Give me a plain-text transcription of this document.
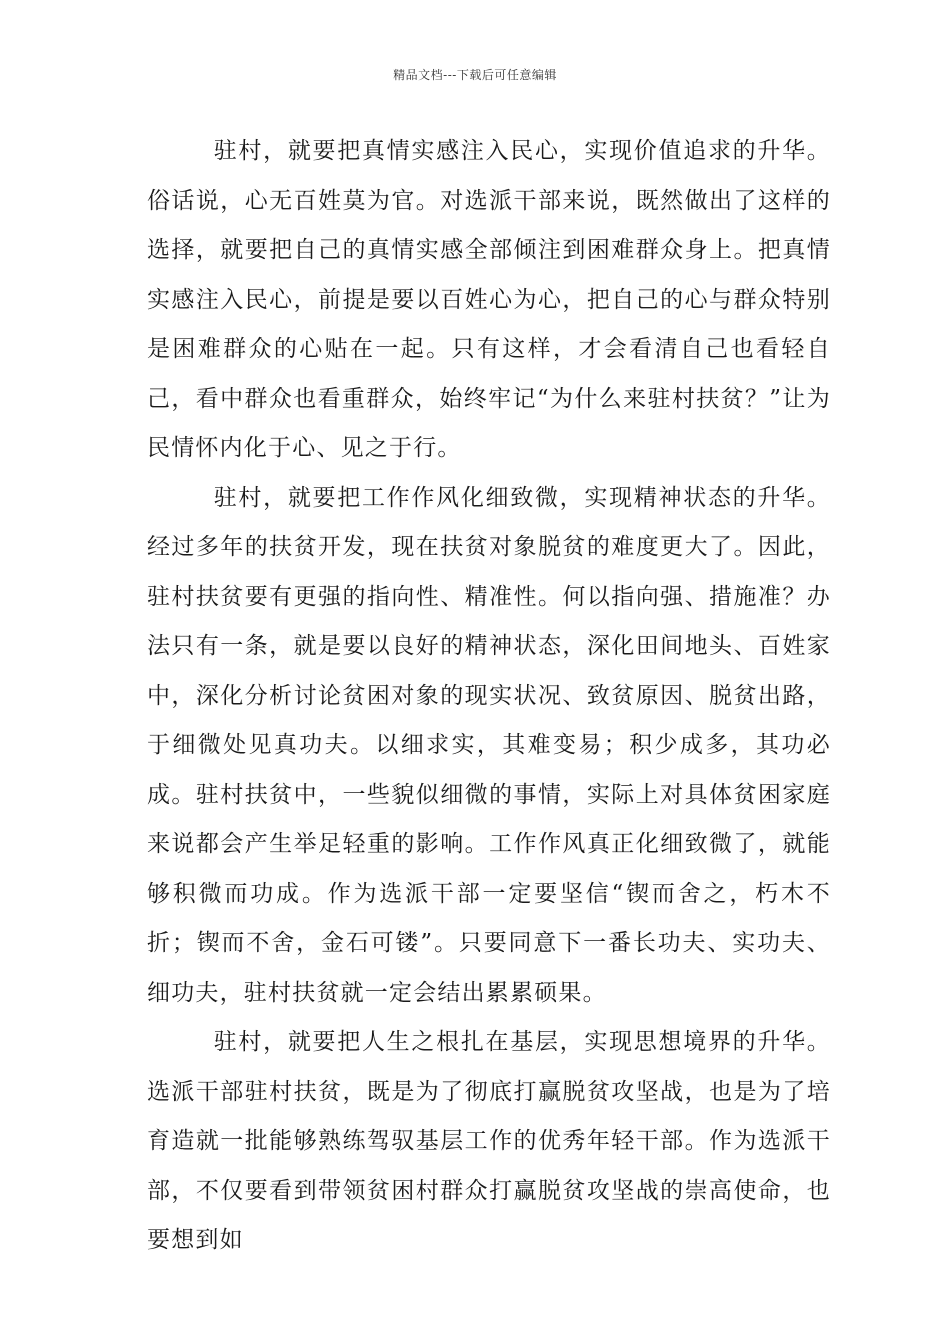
精品文档---下载后可任意编辑

驻村，就要把真情实感注入民心，实现价值追求的升华。俗话说，心无百姓莫为官。对选派干部来说，既然做出了这样的选择，就要把自己的真情实感全部倾注到困难群众身上。把真情实感注入民心，前提是要以百姓心为心，把自己的心与群众特别是困难群众的心贴在一起。只有这样，才会看清自己也看轻自己，看中群众也看重群众，始终牢记“为什么来驻村扶贫？”让为民情怀内化于心、见之于行。

驻村，就要把工作作风化细致微，实现精神状态的升华。经过多年的扶贫开发，现在扶贫对象脱贫的难度更大了。因此，驻村扶贫要有更强的指向性、精准性。何以指向强、措施准？办法只有一条，就是要以良好的精神状态，深化田间地头、百姓家中，深化分析讨论贫困对象的现实状况、致贫原因、脱贫出路，于细微处见真功夫。以细求实，其难变易；积少成多，其功必成。驻村扶贫中，一些貌似细微的事情，实际上对具体贫困家庭来说都会产生举足轻重的影响。工作作风真正化细致微了，就能够积微而功成。作为选派干部一定要坚信“锲而舍之，朽木不折；锲而不舍，金石可镂”。只要同意下一番长功夫、实功夫、细功夫，驻村扶贫就一定会结出累累硕果。

驻村，就要把人生之根扎在基层，实现思想境界的升华。选派干部驻村扶贫，既是为了彻底打赢脱贫攻坚战，也是为了培育造就一批能够熟练驾驭基层工作的优秀年轻干部。作为选派干部，不仅要看到带领贫困村群众打赢脱贫攻坚战的崇高使命，也要想到如
